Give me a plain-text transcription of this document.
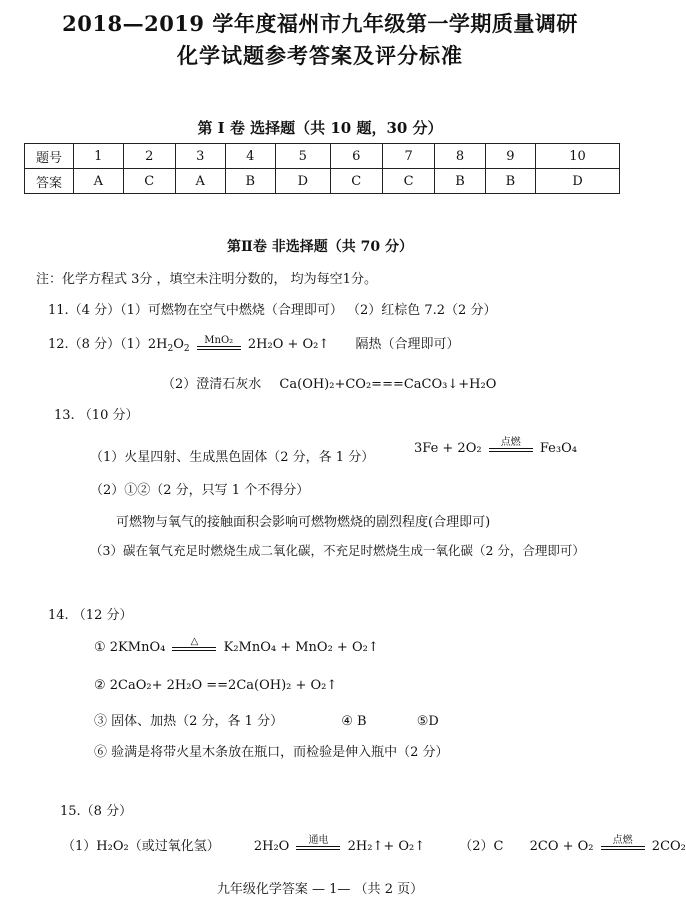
2018—2019 学年度福州市九年级第一学期质量调研
化学试题参考答案及评分标准
第 Ⅰ 卷 选择题（共 10 题，30 分）
题号	1	2	3	4	5	6	7	8	9	10
答案	A	C	A	B	D	C	C	B	B	D
第Ⅱ卷 非选择题（共 70 分）
注：化学方程式 3分 ，填空未注明分数的， 均为每空1分。
11.（4 分）（1）可燃物在空气中燃烧（合理即可） （2）红棕色 7.2（2 分）
12.（8 分）$(1)2H_2O_2$
MnO₂	2H₂O + O₂↑ 隔热（合理即可）
（2）澄清石灰水 Ca(OH)₂+CO₂===CaCO₃↓+H₂O
13. （10 分）
（1）火星四射、生成黑色固体（2 分，各 1 分）
3Fe + 2O₂	点燃	Fe₃O₄
（2）①②（2 分，只写 1 个不得分）
可燃物与氧气的接触面积会影响可燃物燃烧的剧烈程度(合理即可)
（3）碳在氧气充足时燃烧生成二氧化碳，不充足时燃烧生成一氧化碳（2 分，合理即可）
14. （12 分）
① 2KMnO₄	△	K₂MnO₄ + MnO₂ + O₂↑
② 2CaO₂+ 2H₂O ==2Ca(OH)₂ + O₂↑
③ 固体、加热（2 分，各 1 分）	④ B	⑤D
⑥ 验满是将带火星木条放在瓶口，而检验是伸入瓶中（2 分）
15.（8 分）
（1）H₂O₂（或过氧化氢）	2H₂O	通电	2H₂↑+ O₂↑	（2）C 2CO + O₂	点燃	2CO₂
九年级化学答案 — 1— （共 2 页）
